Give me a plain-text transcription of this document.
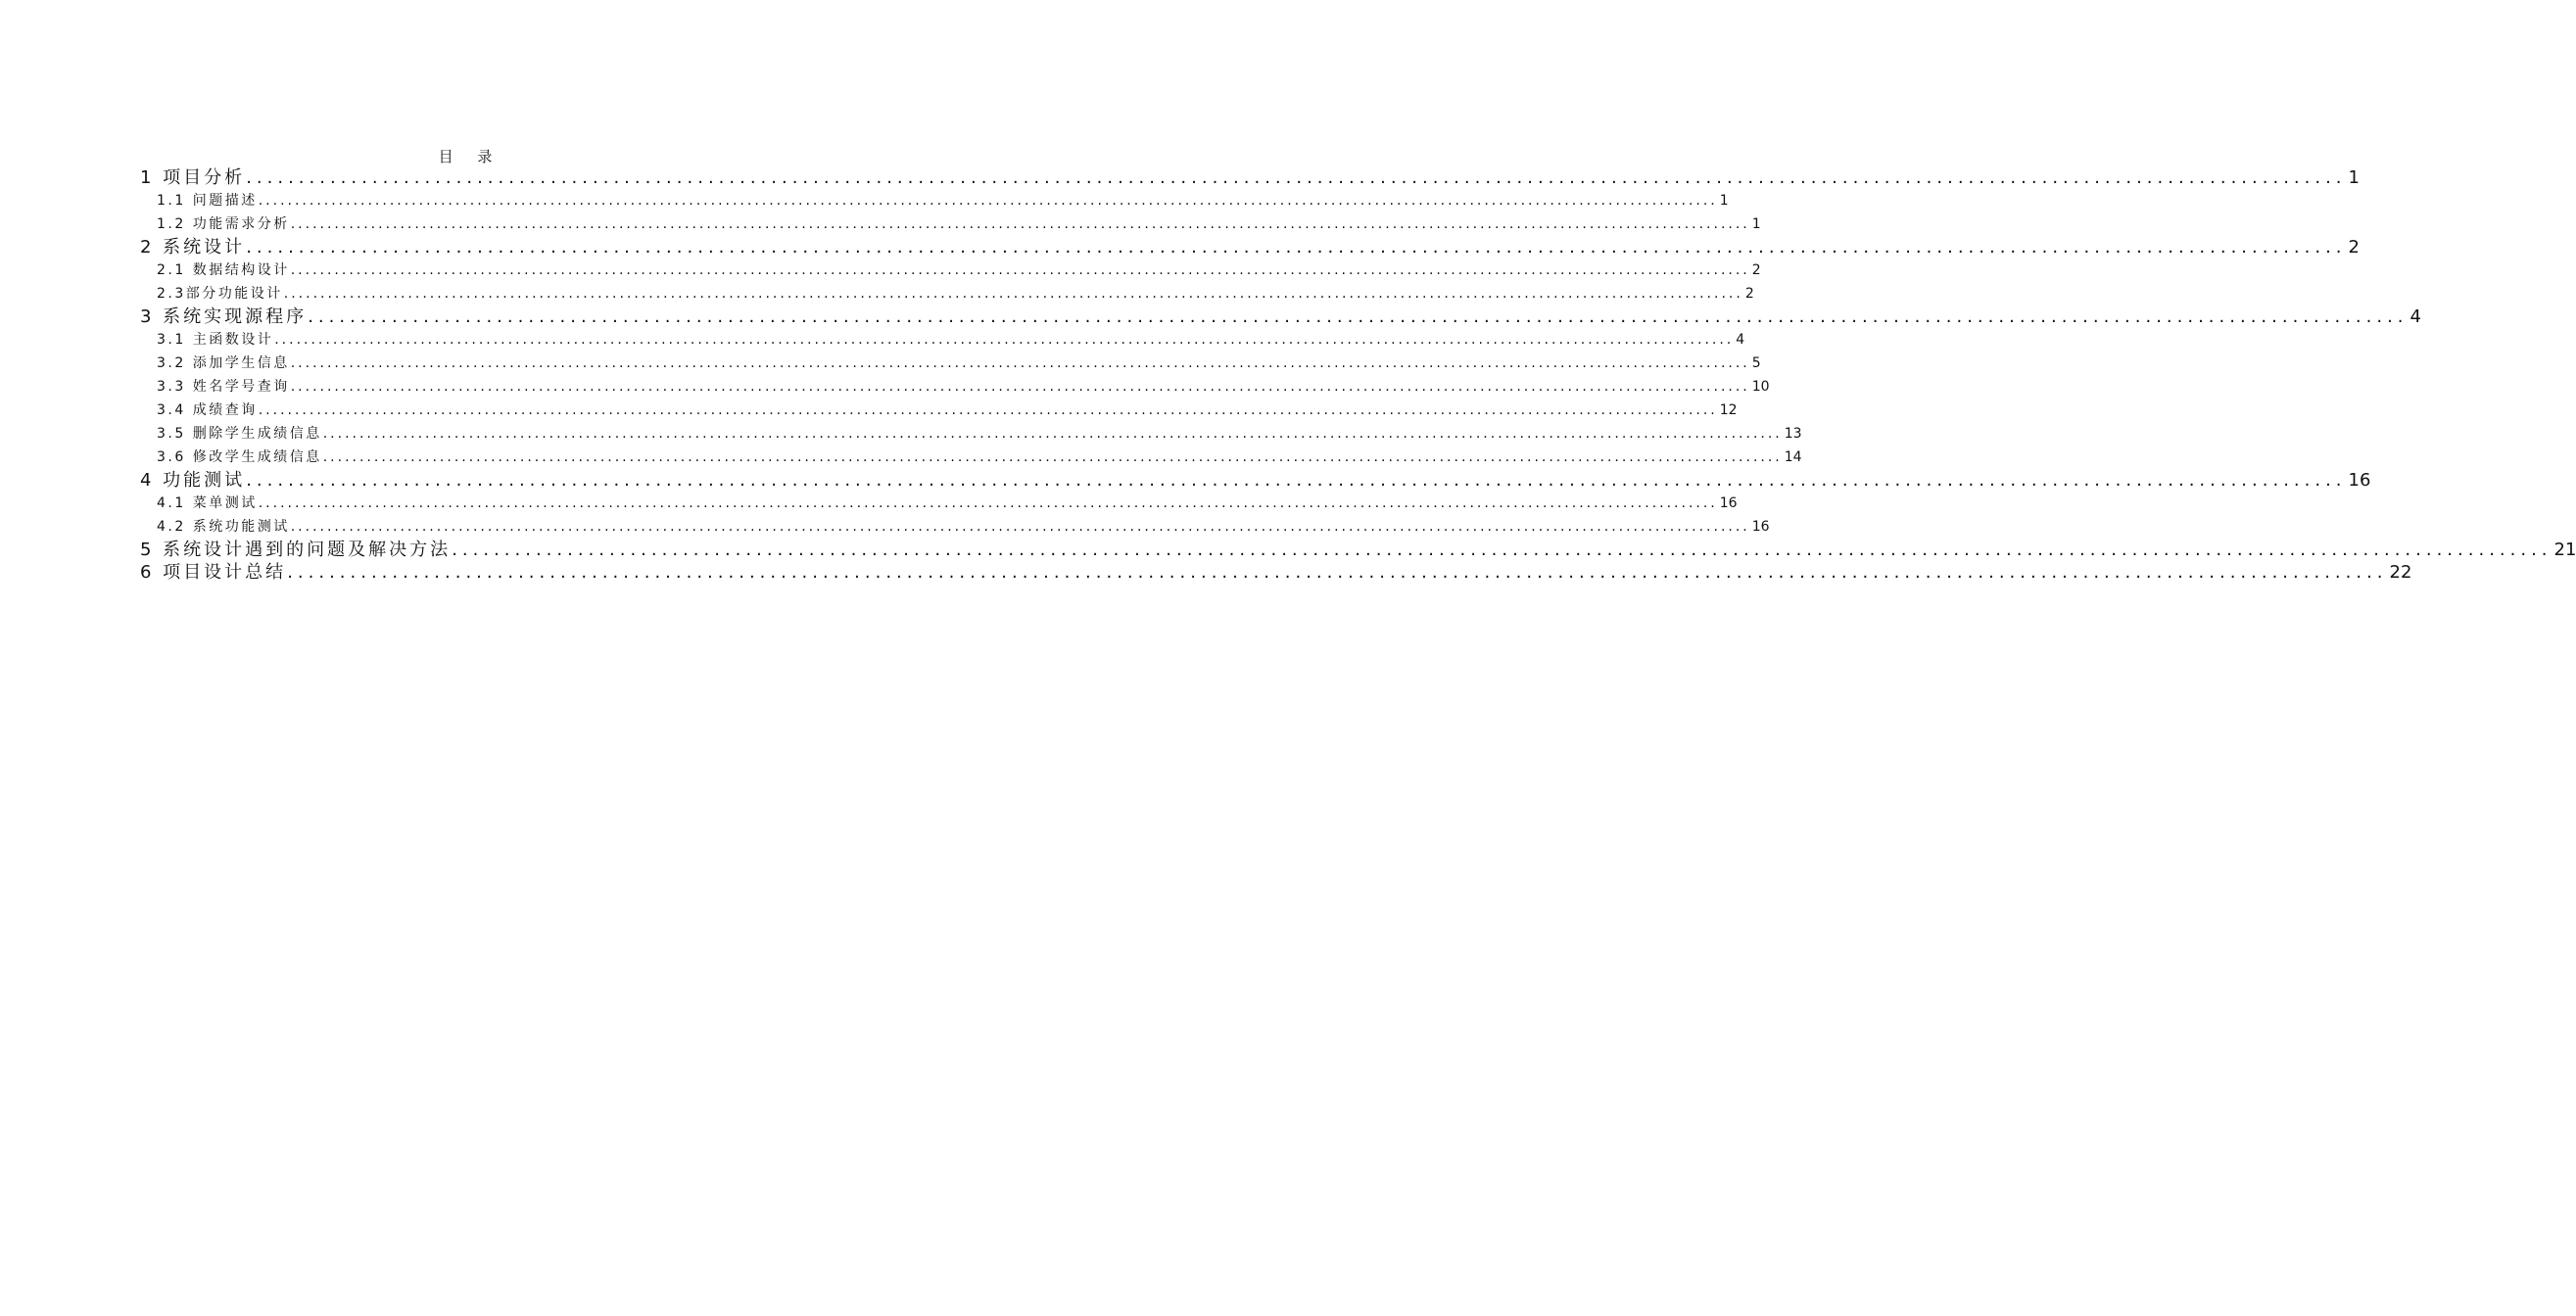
目 录
1 项目分析 ........................................................................................................................................................................................................ 1
1.1 问题描述 ........................................................................................................................................................................................................ 1
1.2 功能需求分析 ........................................................................................................................................................................................................ 1
2 系统设计 ........................................................................................................................................................................................................ 2
2.1 数据结构设计 ........................................................................................................................................................................................................ 2
2.3部分功能设计 ........................................................................................................................................................................................................ 2
3 系统实现源程序 ........................................................................................................................................................................................................ 4
3.1 主函数设计 ........................................................................................................................................................................................................ 4
3.2 添加学生信息 ........................................................................................................................................................................................................ 5
3.3 姓名学号查询 ........................................................................................................................................................................................................ 10
3.4 成绩查询 ........................................................................................................................................................................................................ 12
3.5 删除学生成绩信息 ........................................................................................................................................................................................................ 13
3.6 修改学生成绩信息 ........................................................................................................................................................................................................ 14
4 功能测试 ........................................................................................................................................................................................................ 16
4.1 菜单测试 ........................................................................................................................................................................................................ 16
4.2 系统功能测试 ........................................................................................................................................................................................................ 16
5 系统设计遇到的问题及解决方法 ........................................................................................................................................................................................................ 21
6 项目设计总结 ........................................................................................................................................................................................................ 22
